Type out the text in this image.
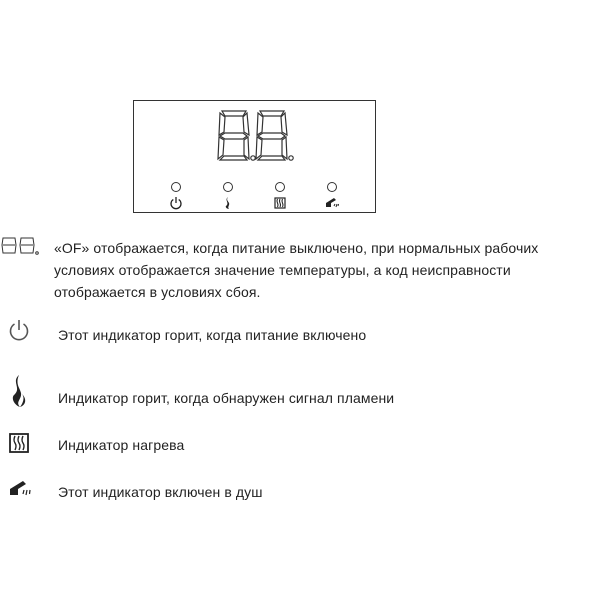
«OF» отображается, когда питание выключено, при нормальных рабочих
условиях отображается значение температуры, а код неисправности
отображается в условиях сбоя.
Этот индикатор горит, когда питание включено
Индикатор горит, когда обнаружен сигнал пламени
Индикатор нагрева
Этот индикатор включен в душ
